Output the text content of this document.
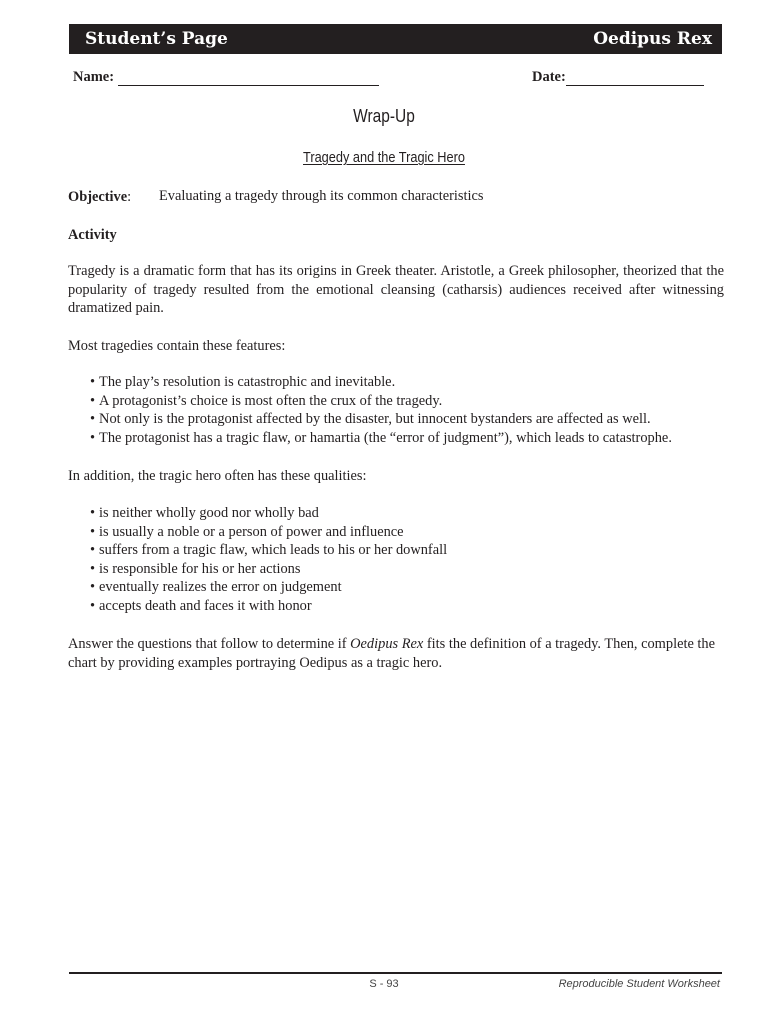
Student’s Page	Oedipus Rex
Name:	Date:
Wrap-Up
Tragedy and the Tragic Hero
Objective:	Evaluating a tragedy through its common characteristics
Activity
Tragedy is a dramatic form that has its origins in Greek theater. Aristotle, a Greek philosopher, theorized that the popularity of tragedy resulted from the emotional cleansing (catharsis) audiences received after witnessing dramatized pain.
Most tragedies contain these features:
• The play’s resolution is catastrophic and inevitable.
• A protagonist’s choice is most often the crux of the tragedy.
• Not only is the protagonist affected by the disaster, but innocent bystanders are affected as well.
• The protagonist has a tragic flaw, or hamartia (the “error of judgment”), which leads to catastrophe.
In addition, the tragic hero often has these qualities:
• is neither wholly good nor wholly bad
• is usually a noble or a person of power and influence
• suffers from a tragic flaw, which leads to his or her downfall
• is responsible for his or her actions
• eventually realizes the error on judgement
• accepts death and faces it with honor
Answer the questions that follow to determine if Oedipus Rex fits the definition of a tragedy. Then, complete the chart by providing examples portraying Oedipus as a tragic hero.
S - 93	Reproducible Student Worksheet
